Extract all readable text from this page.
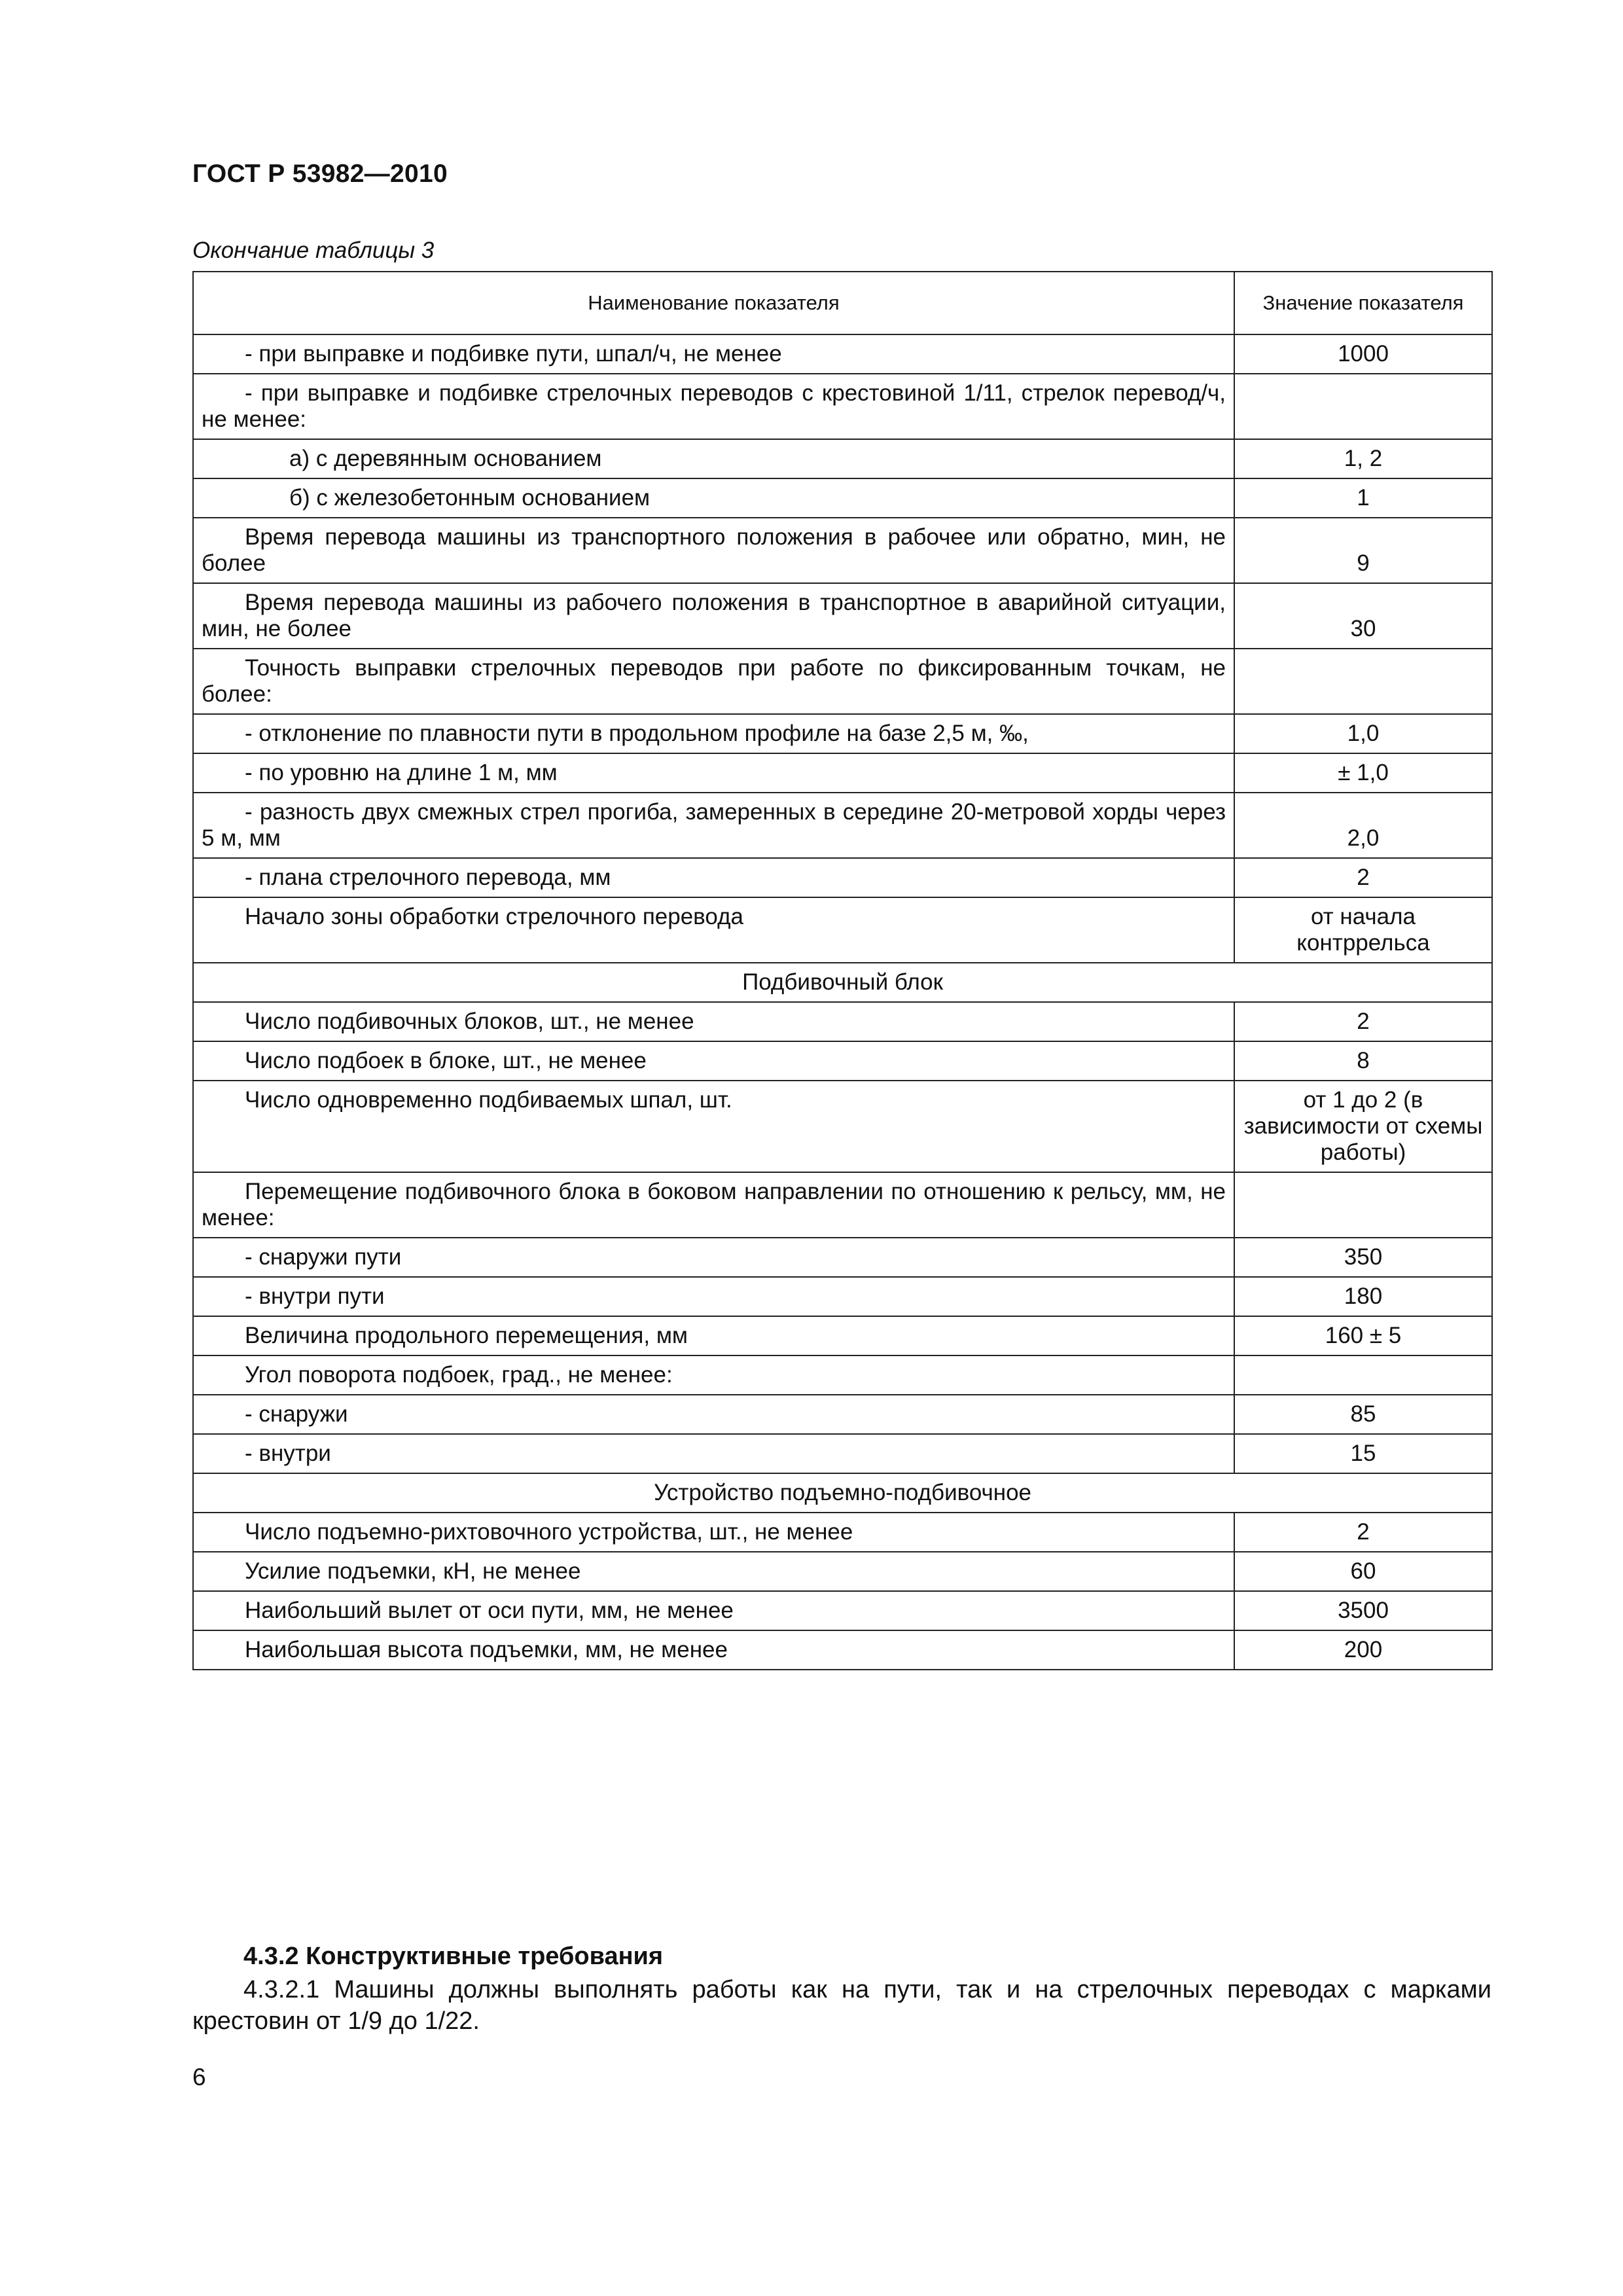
ГОСТ Р 53982—2010
Окончание таблицы 3
Наименование показателя	Значение показателя

- при выправке и подбивке пути, шпал/ч, не менее	1000

- при выправке и подбивке стрелочных переводов с крестовиной 1/11, стрелок перевод/ч, не менее:	

а) с деревянным основанием	1, 2

б) с железобетонным основанием	1

Время перевода машины из транспортного положения в рабочее или обратно, мин, не более	9

Время перевода машины из рабочего положения в транспортное в аварийной ситуации, мин, не более	30

Точность выправки стрелочных переводов при работе по фиксированным точкам, не более:	

- отклонение по плавности пути в продольном профиле на базе 2,5 м, ‰,	1,0

- по уровню на длине 1 м, мм	± 1,0

- разность двух смежных стрел прогиба, замеренных в середине 20-метровой хорды через 5 м, мм	2,0

- плана стрелочного перевода, мм	2

Начало зоны обработки стрелочного перевода	от начала контррельса
Подбивочный блок	

Число подбивочных блоков, шт., не менее	2

Число подбоек в блоке, шт., не менее	8

Число одновременно подбиваемых шпал, шт.	от 1 до 2 (в зависимости от схемы работы)

Перемещение подбивочного блока в боковом направлении по отношению к рельсу, мм, не менее:	

- снаружи пути	350

- внутри пути	180

Величина продольного перемещения, мм	160 ± 5

Угол поворота подбоек, град., не менее:	

- снаружи	85

- внутри	15
Устройство подъемно-подбивочное	

Число подъемно-рихтовочного устройства, шт., не менее	2

Усилие подъемки, кН, не менее	60

Наибольший вылет от оси пути, мм, не менее	3500

Наибольшая высота подъемки, мм, не менее	200
4.3.2 Конструктивные требования
4.3.2.1 Машины должны выполнять работы как на пути, так и на стрелочных переводах с марками крестовин от 1/9 до 1/22.
6
